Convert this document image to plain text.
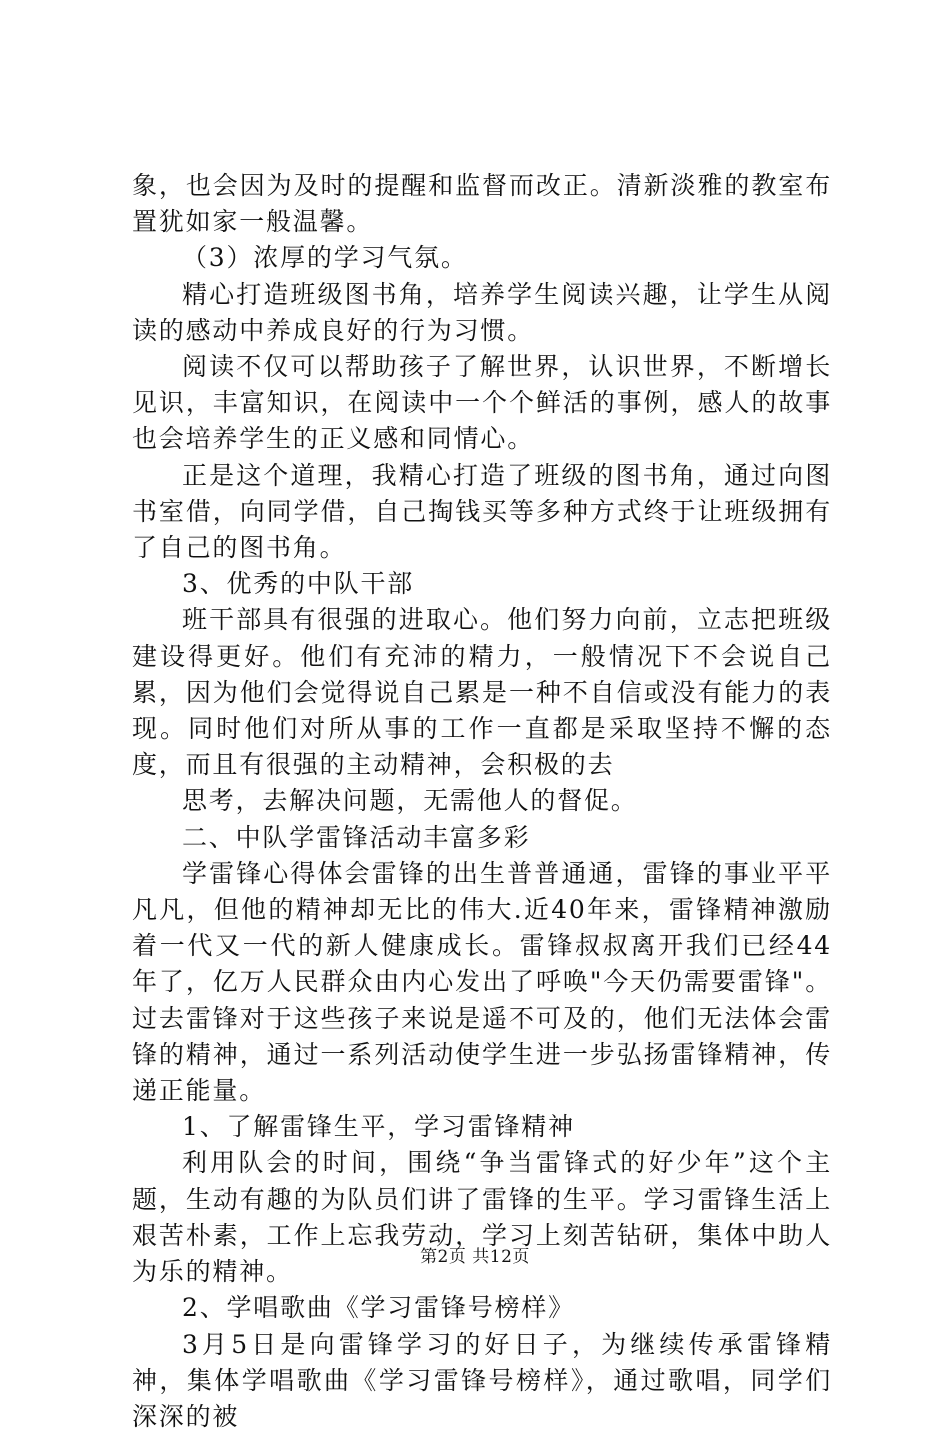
象，也会因为及时的提醒和监督而改正。清新淡雅的教室布置犹如家一般温馨。

（3）浓厚的学习气氛。

精心打造班级图书角，培养学生阅读兴趣，让学生从阅读的感动中养成良好的行为习惯。

阅读不仅可以帮助孩子了解世界，认识世界，不断增长见识，丰富知识，在阅读中一个个鲜活的事例，感人的故事也会培养学生的正义感和同情心。

正是这个道理，我精心打造了班级的图书角，通过向图书室借，向同学借，自己掏钱买等多种方式终于让班级拥有了自己的图书角。

3、优秀的中队干部

班干部具有很强的进取心。他们努力向前，立志把班级建设得更好。他们有充沛的精力，一般情况下不会说自己累，因为他们会觉得说自己累是一种不自信或没有能力的表现。同时他们对所从事的工作一直都是采取坚持不懈的态度，而且有很强的主动精神，会积极的去

思考，去解决问题，无需他人的督促。

二、中队学雷锋活动丰富多彩

学雷锋心得体会雷锋的出生普普通通，雷锋的事业平平凡凡，但他的精神却无比的伟大.近40年来，雷锋精神激励着一代又一代的新人健康成长。雷锋叔叔离开我们已经44年了，亿万人民群众由内心发出了呼唤"今天仍需要雷锋"。过去雷锋对于这些孩子来说是遥不可及的，他们无法体会雷锋的精神，通过一系列活动使学生进一步弘扬雷锋精神，传递正能量。

1、了解雷锋生平，学习雷锋精神

利用队会的时间，围绕“争当雷锋式的好少年”这个主题，生动有趣的为队员们讲了雷锋的生平。学习雷锋生活上艰苦朴素，工作上忘我劳动，学习上刻苦钻研，集体中助人为乐的精神。

2、学唱歌曲《学习雷锋号榜样》

3月5日是向雷锋学习的好日子，为继续传承雷锋精神，集体学唱歌曲《学习雷锋号榜样》，通过歌唱，同学们深深的被

第2页 共12页
